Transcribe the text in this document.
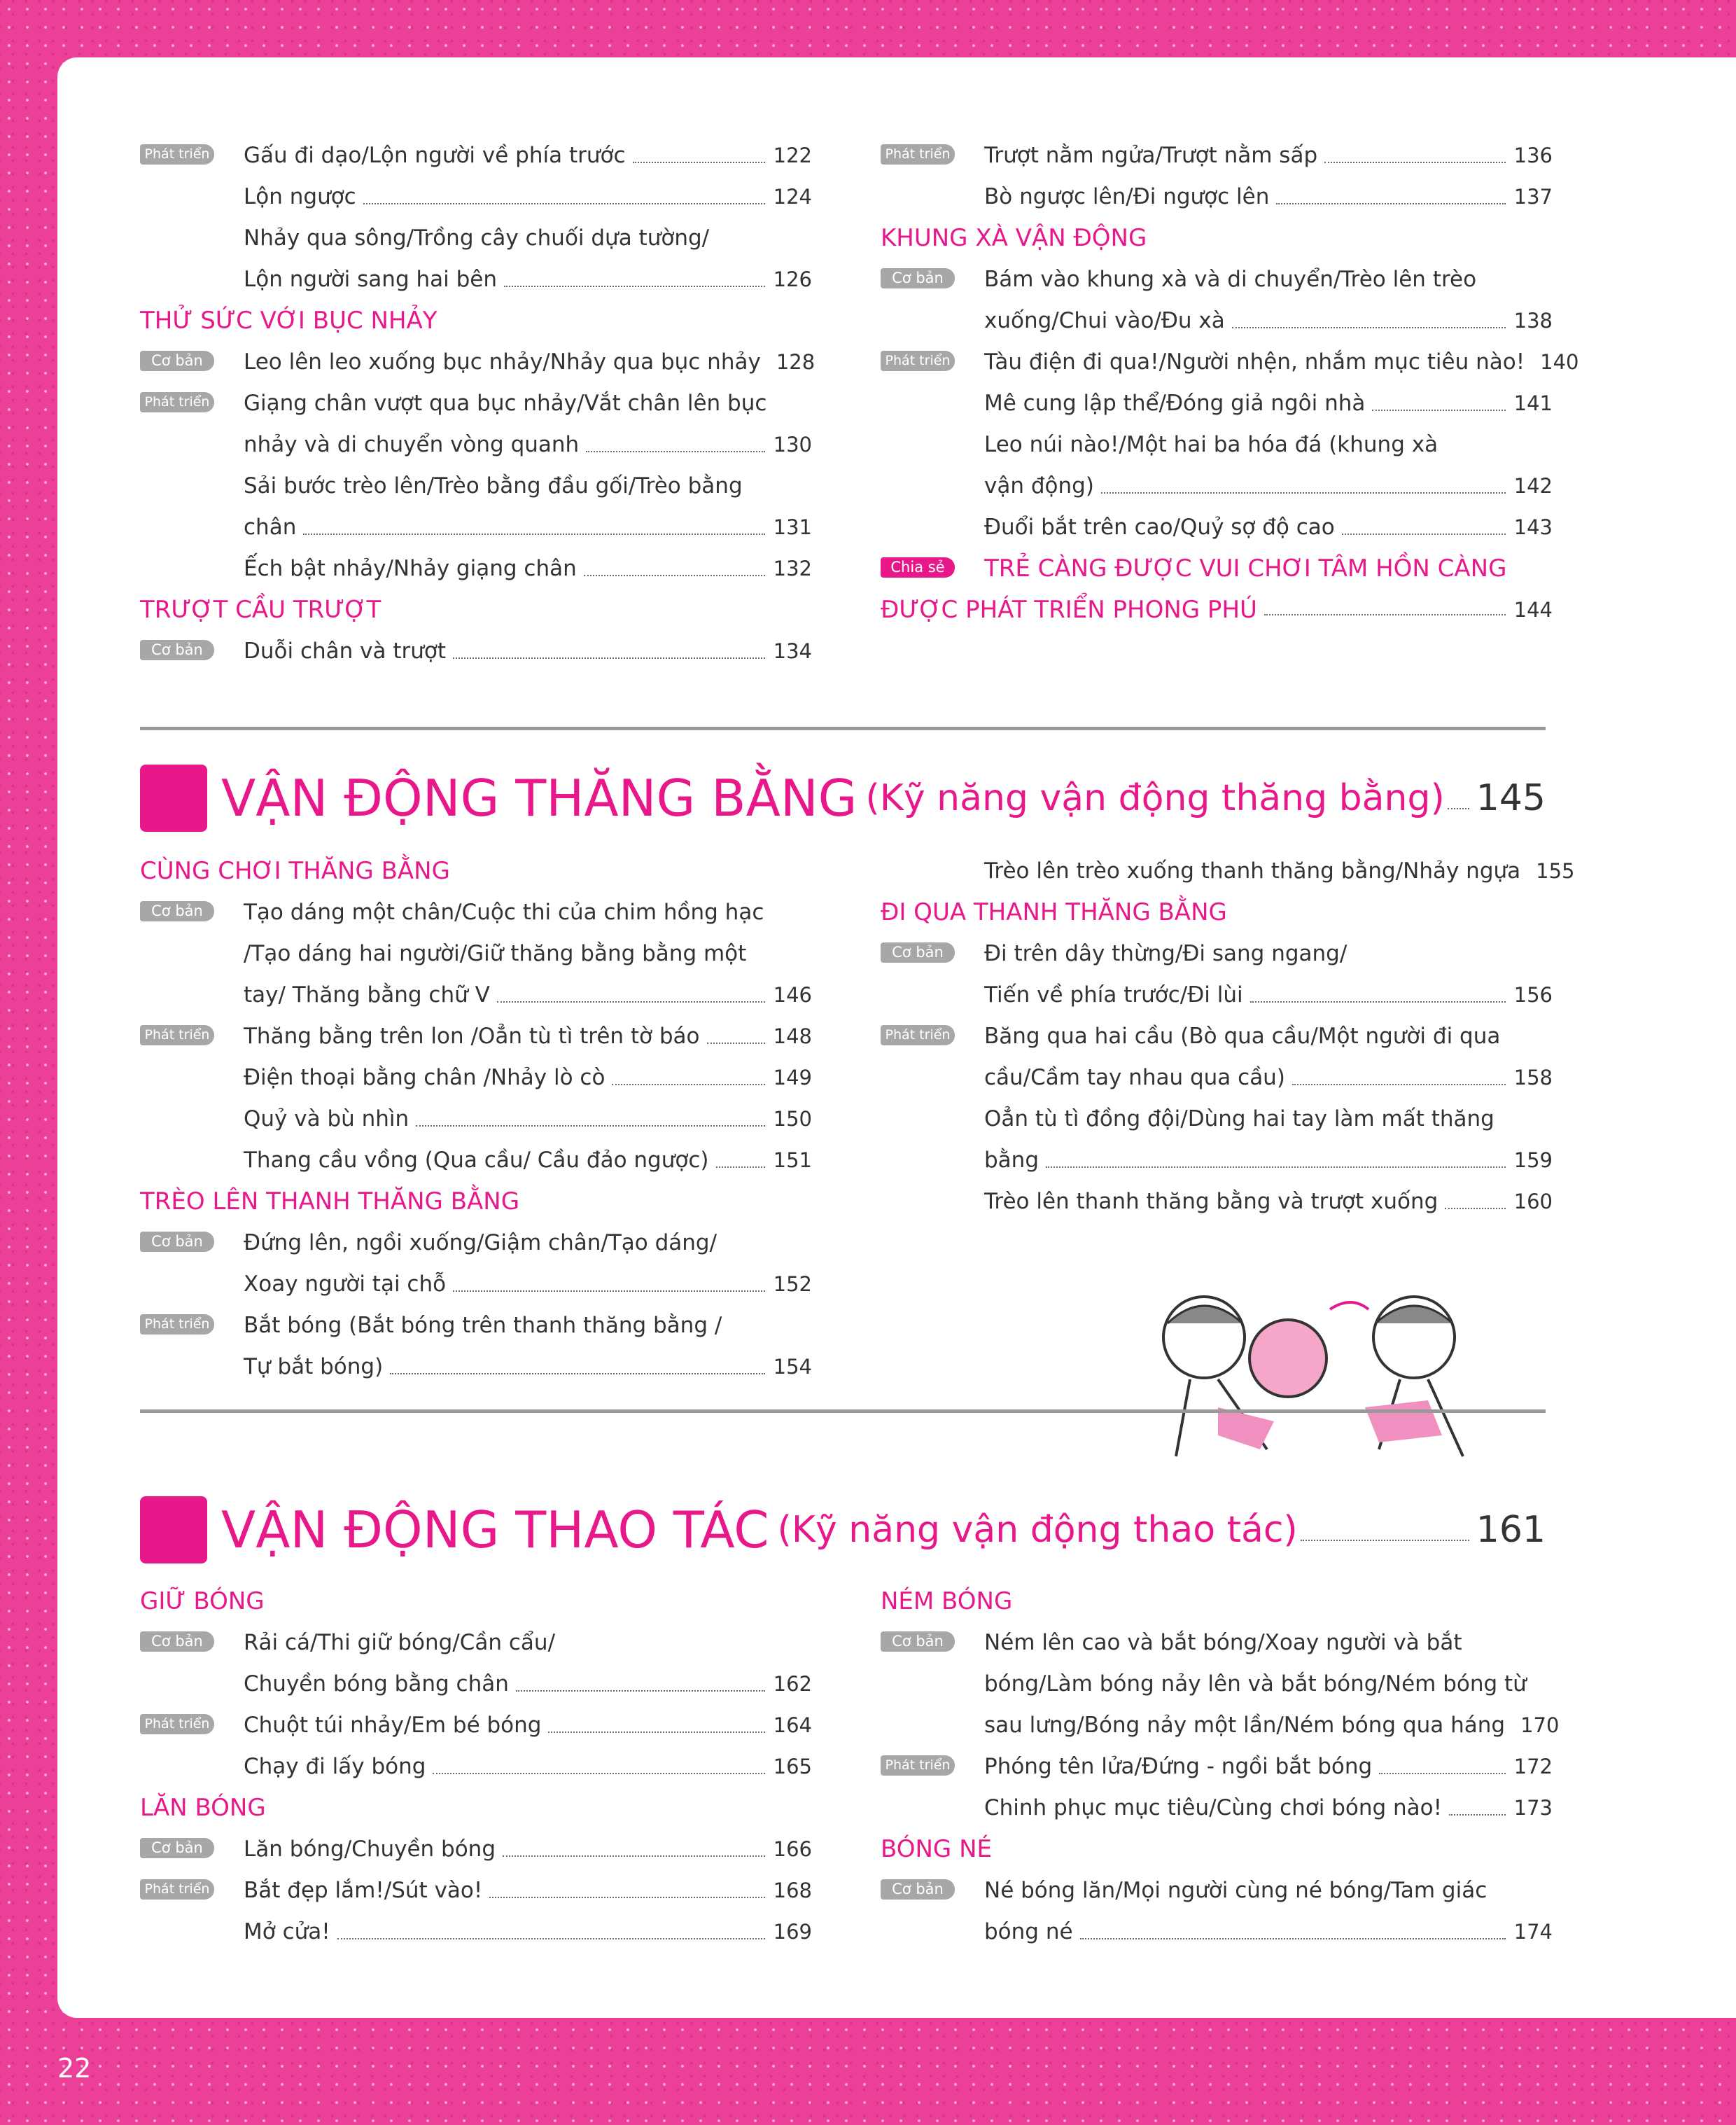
Phát triển Gấu đi dạo/Lộn người về phía trước	122
Lộn ngược	124
Nhảy qua sông/Trồng cây chuối dựa tường/
Lộn người sang hai bên	126
THỬ SỨC VỚI BỤC NHẢY
Cơ bản	Leo lên leo xuống bục nhảy/Nhảy qua bục nhảy 128
Phát triển Giạng chân vượt qua bục nhảy/Vắt chân lên bục
nhảy và di chuyển vòng quanh	130
Sải bước trèo lên/Trèo bằng đầu gối/Trèo bằng
chân	131
Ếch bật nhảy/Nhảy giạng chân	132
TRƯỢT CẦU TRƯỢT
Cơ bản	Duỗi chân và trượt	134
Phát triển Trượt nằm ngửa/Trượt nằm sấp	136
Bò ngược lên/Đi ngược lên	137
KHUNG XÀ VẬN ĐỘNG
Cơ bản	Bám vào khung xà và di chuyển/Trèo lên trèo
xuống/Chui vào/Đu xà	138
Phát triển Tàu điện đi qua!/Người nhện, nhắm mục tiêu nào! 140
Mê cung lập thể/Đóng giả ngôi nhà	141
Leo núi nào!/Một hai ba hóa đá (khung xà
vận động)	142
Đuổi bắt trên cao/Quỷ sợ độ cao	143
Chia sẻ	TRẺ CÀNG ĐƯỢC VUI CHƠI TÂM HỒN CÀNG
ĐƯỢC PHÁT TRIỂN PHONG PHÚ	144
VẬN ĐỘNG THĂNG BẰNG (Kỹ năng vận động thăng bằng) 145
CÙNG CHƠI THĂNG BẰNG
Cơ bản	Tạo dáng một chân/Cuộc thi của chim hồng hạc
/Tạo dáng hai người/Giữ thăng bằng bằng một
tay/ Thăng bằng chữ V	146
Phát triển Thăng bằng trên lon /Oẳn tù tì trên tờ báo	148
Điện thoại bằng chân /Nhảy lò cò	149
Quỷ và bù nhìn	150
Thang cầu vồng (Qua cầu/ Cầu đảo ngược)	151
TRÈO LÊN THANH THĂNG BẰNG
Cơ bản	Đứng lên, ngồi xuống/Giậm chân/Tạo dáng/
Xoay người tại chỗ	152
Phát triển Bắt bóng (Bắt bóng trên thanh thăng bằng /
Tự bắt bóng)	154
Trèo lên trèo xuống thanh thăng bằng/Nhảy ngựa 155
ĐI QUA THANH THĂNG BẰNG
Cơ bản	Đi trên dây thừng/Đi sang ngang/
Tiến về phía trước/Đi lùi	156
Phát triển Băng qua hai cầu (Bò qua cầu/Một người đi qua
cầu/Cầm tay nhau qua cầu)	158
Oẳn tù tì đồng đội/Dùng hai tay làm mất thăng
bằng	159
Trèo lên thanh thăng bằng và trượt xuống	160
VẬN ĐỘNG THAO TÁC (Kỹ năng vận động thao tác)	161
GIỮ BÓNG
Cơ bản	Rải cá/Thi giữ bóng/Cần cẩu/
Chuyền bóng bằng chân	162
Phát triển Chuột túi nhảy/Em bé bóng	164
Chạy đi lấy bóng	165
LĂN BÓNG
Cơ bản	Lăn bóng/Chuyền bóng	166
Phát triển Bắt đẹp lắm!/Sút vào!	168
Mở cửa!	169
NÉM BÓNG
Cơ bản	Ném lên cao và bắt bóng/Xoay người và bắt
bóng/Làm bóng nảy lên và bắt bóng/Ném bóng từ
sau lưng/Bóng nảy một lần/Ném bóng qua háng 170
Phát triển Phóng tên lửa/Đứng - ngồi bắt bóng	172
Chinh phục mục tiêu/Cùng chơi bóng nào!	173
BÓNG NÉ
Cơ bản	Né bóng lăn/Mọi người cùng né bóng/Tam giác
bóng né	174
22
